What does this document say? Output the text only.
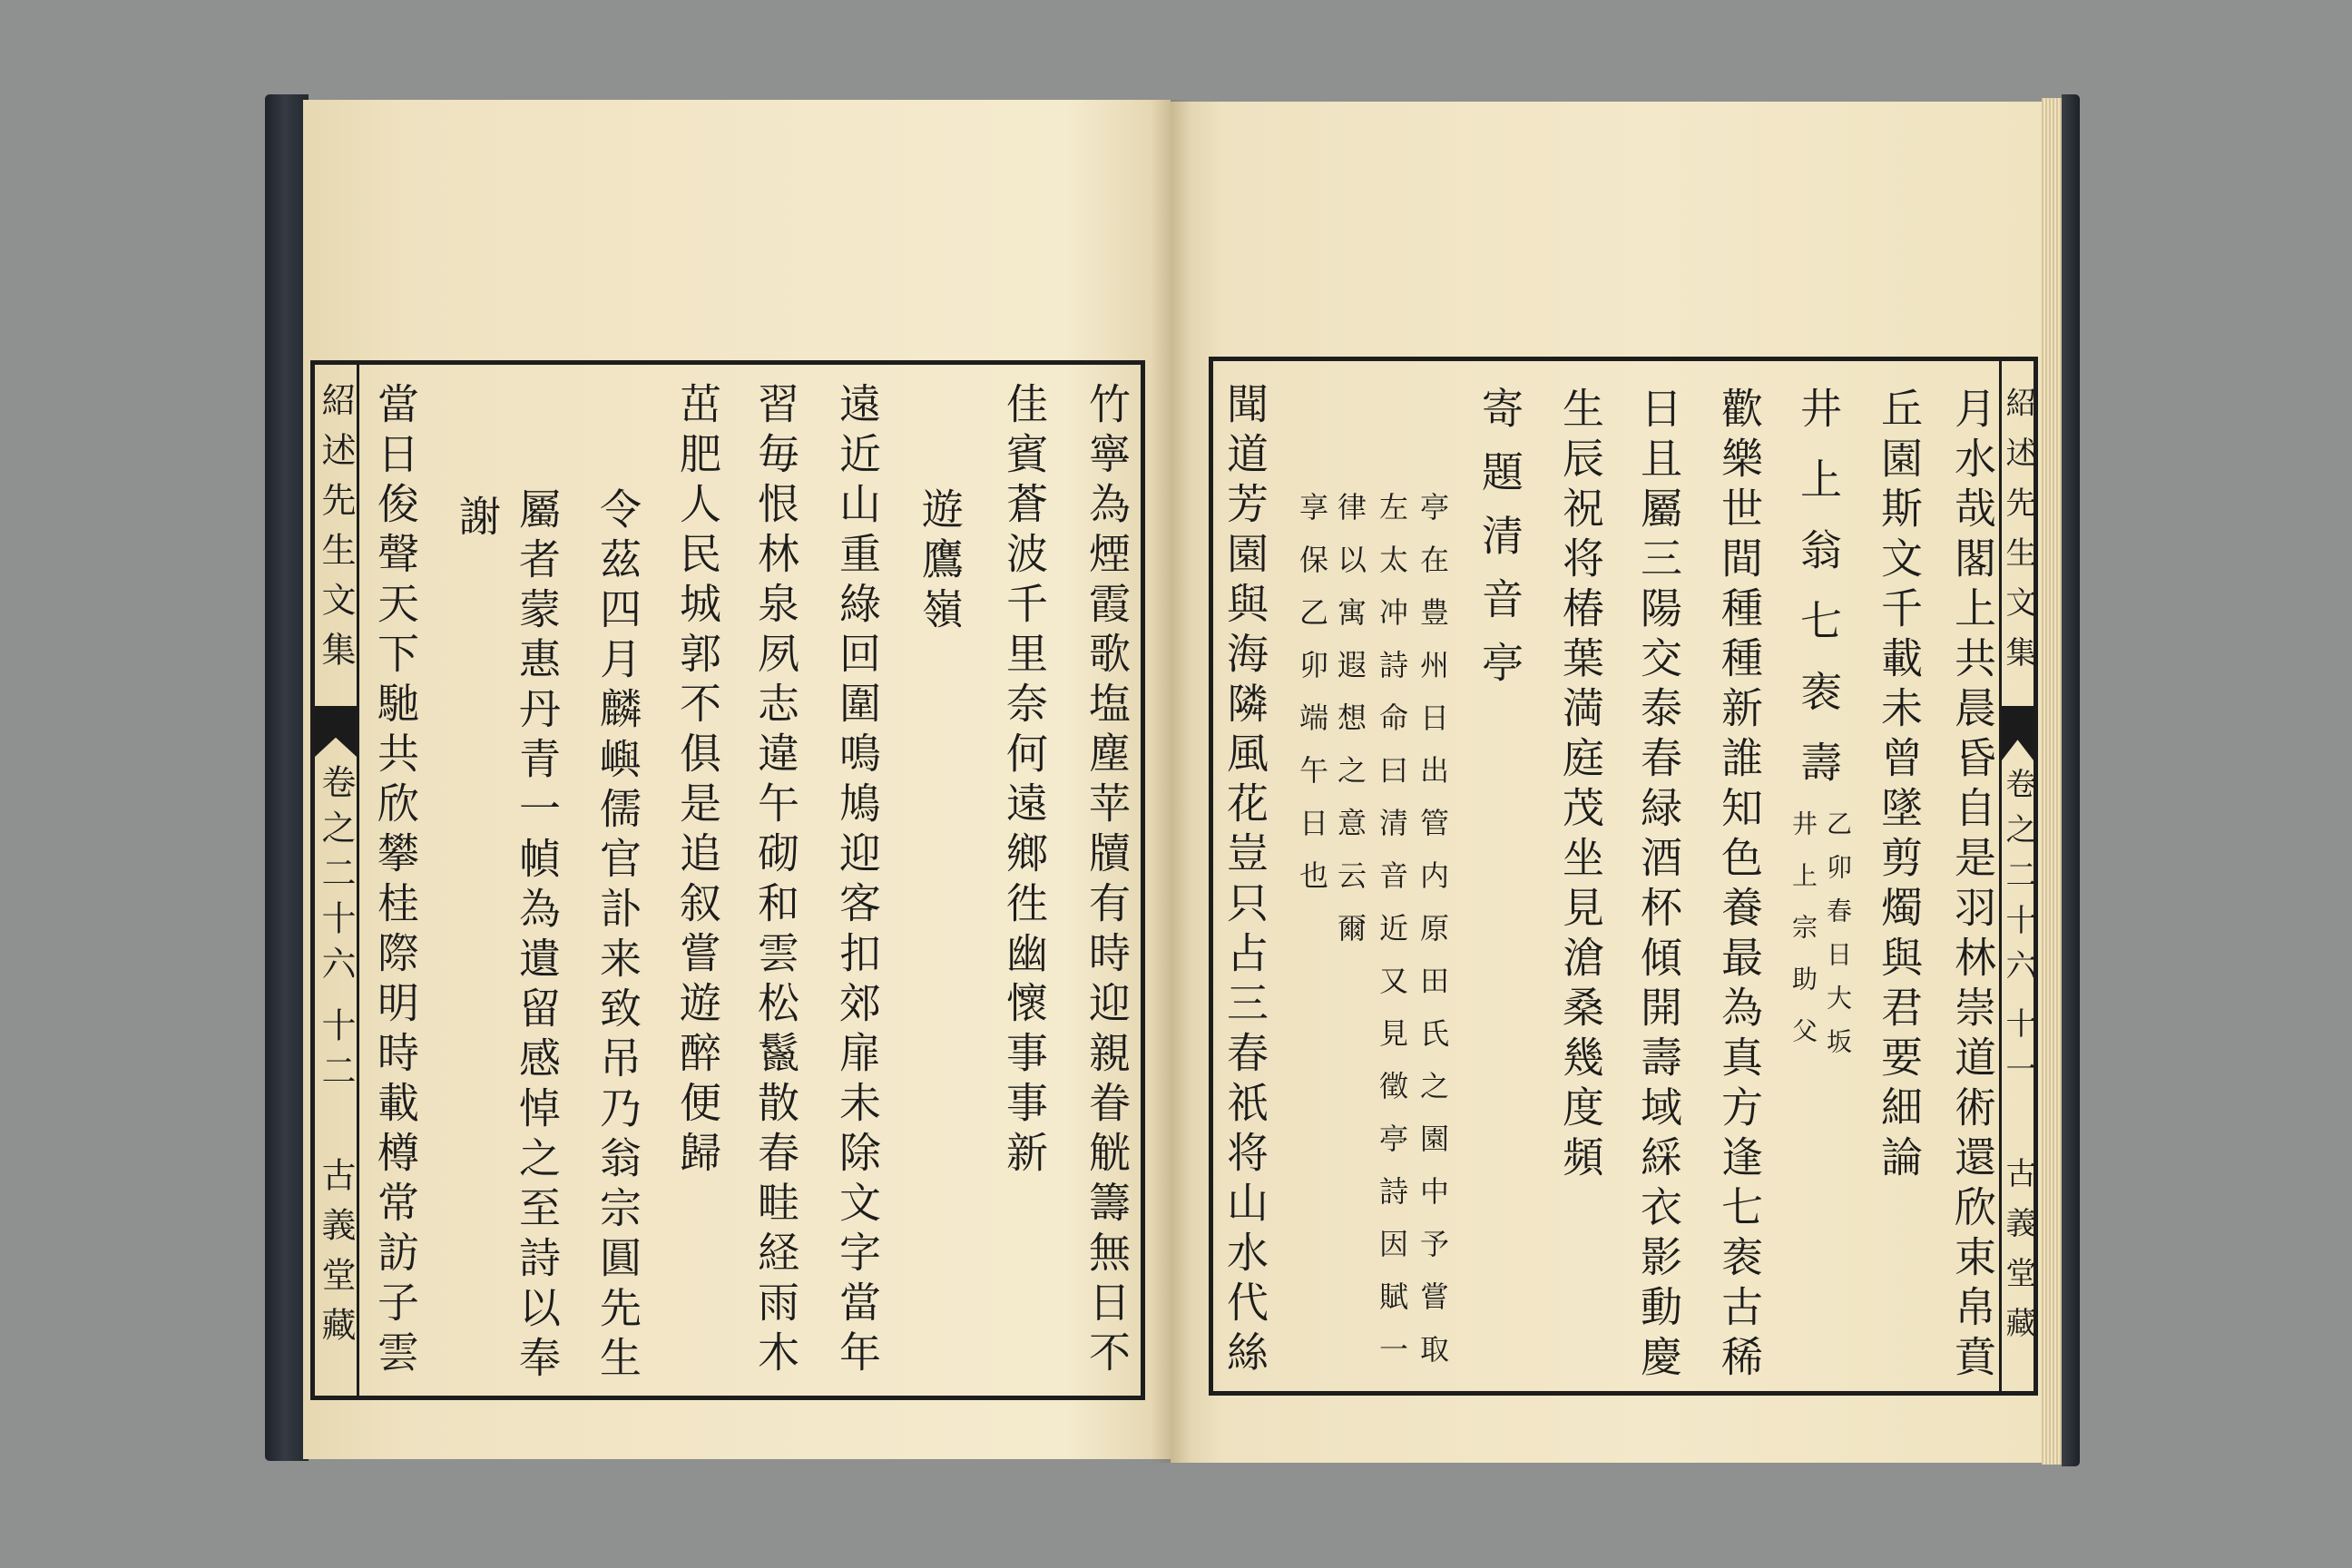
紹述先生文集
卷之二十六
十二
古義堂藏	竹寧為煙霞歌塩塵苹牘有時迎親眷觥籌無日不
佳賓蒼波千里奈何遠鄉徃幽懷事事新
遊鷹嶺
遠近山重綠回圍鳴鳩迎客扣郊扉未除文字當年
習毎恨林泉夙志違午砌和雲松鬣散春畦経雨木
茁肥人民城郭不俱是追叙嘗遊醉便歸
令茲四月麟嶼儒官訃来致吊乃翁宗圓先生
屬者蒙惠丹青一幀為遺留感悼之至詩以奉
謝
當日俊聲天下馳共欣攀桂際明時載樽常訪子雲	紹述先生文集
卷之二十六
十一
古義堂藏
月水哉閣上共晨昏自是羽林崇道術還欣束帛賁
丘園斯文千載未曾墜剪燭與君要細論
井上翁七袠壽
乙卯春日大坂
井上宗助父
歡樂世間種種新誰知色養最為真方逢七袠古稀
日且屬三陽交泰春緑酒杯傾開壽域綵衣影動慶
生辰祝将椿葉満庭茂坐見滄桑幾度頻
寄題清音亭
亭在豊州日出管内原田氏之園中予嘗取
左太冲詩命曰清音近又見徵亭詩因賦一
律以寓遐想之意云爾
享保乙卯端午日也
聞道芳園與海隣風花豈只占三春祇将山水代絲
